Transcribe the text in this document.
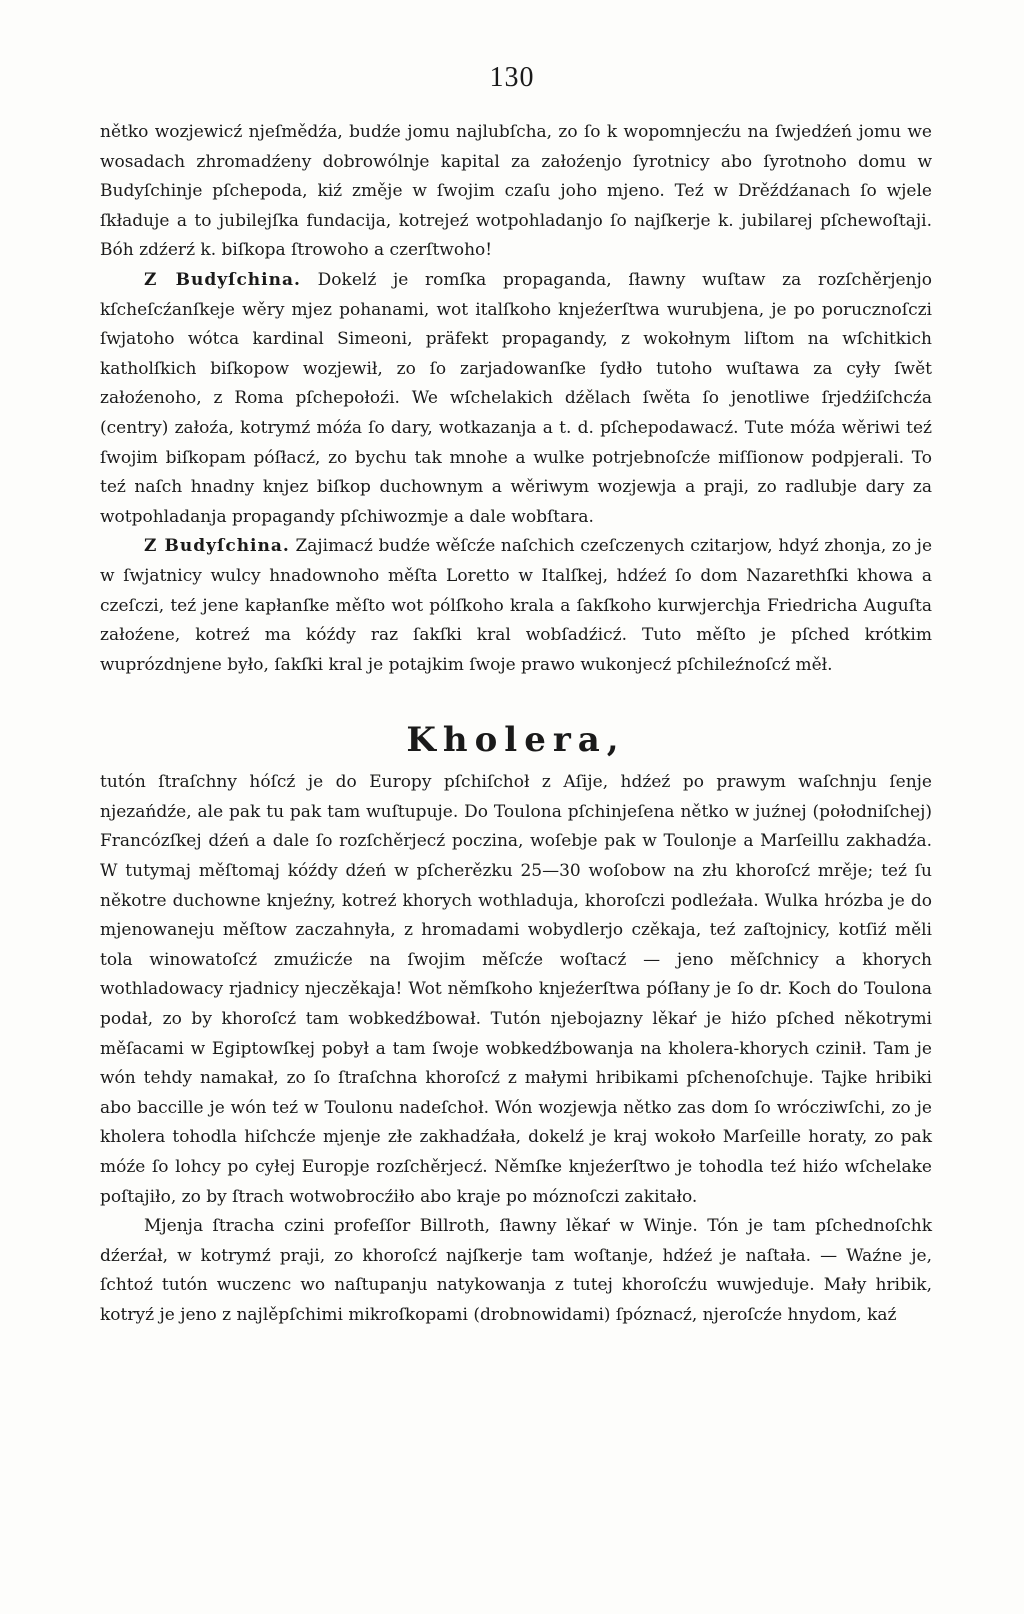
130

nětko wozjewicź njeſmědźa, budźe jomu najlubſcha, zo ſo k wopomnjecźu na ſwjedźeń jomu we wosadach zhromadźeny dobrowólnje kapital za załoźenjo ſyrotnicy abo ſyrotnoho domu w Budyſchinje pſchepoda, kiź změje w ſwojim czaſu joho mjeno. Teź w Drěźdźanach ſo wjele ſkładuje a to jubilejſka fundacija, kotrejeź wotpohladanjo ſo najſkerje k. jubilarej pſchewoſtaji. Bóh zdźerź k. biſkopa ſtrowoho a czerſtwoho!

Z Budyſchina. Dokelź je romſka propaganda, ſławny wuſtaw za rozſchěrjenjo kſcheſcźanſkeje wěry mjez pohanami, wot italſkoho knjeźerſtwa wurubjena, je po porucznoſczi ſwjatoho wótca kardinal Simeoni, präfekt propagandy, z wokołnym liſtom na wſchitkich katholſkich biſkopow wozjewił, zo ſo zarjadowanſke ſydło tutoho wuſtawa za cyły ſwět załoźenoho, z Roma pſchepołoźi. We wſchelakich dźělach ſwěta ſo jenotliwe ſrjedźiſchcźa (centry) załoźa, kotrymź móźa ſo dary, wotkazanja a t. d. pſchepodawacź. Tute móźa wěriwi teź ſwojim biſkopam póſłacź, zo bychu tak mnohe a wulke potrjebnoſcźe miſſionow podpjerali. To teź naſch hnadny knjez biſkop duchownym a wěriwym wozjewja a praji, zo radlubje dary za wotpohladanja propagandy pſchiwozmje a dale wobſtara.

Z Budyſchina. Zajimacź budźe wěſcźe naſchich czeſczenych czitarjow, hdyź zhonja, zo je w ſwjatnicy wulcy hnadownoho měſta Loretto w Italſkej, hdźeź ſo dom Nazarethſki khowa a czeſczi, teź jene kapłanſke měſto wot pólſkoho krala a ſakſkoho kurwjerchja Friedricha Auguſta załoźene, kotreź ma kóźdy raz ſakſki kral wobſadźicź. Tuto měſto je pſched krótkim wuprózdnjene było, ſakſki kral je potajkim ſwoje prawo wukonjecź pſchileźnoſcź měł.

Kholera,

tutón ſtraſchny hóſcź je do Europy pſchiſchoł z Aſije, hdźeź po prawym waſchnju ſenje njezańdźe, ale pak tu pak tam wuſtupuje. Do Toulona pſchinjeſena nětko w juźnej (połodniſchej) Francózſkej dźeń a dale ſo rozſchěrjecź poczina, woſebje pak w Toulonje a Marſeillu zakhadźa. W tutymaj měſtomaj kóźdy dźeń w pſcherězku 25—30 woſobow na złu khoroſcź mrěje; teź ſu někotre duchowne knjeźny, kotreź khorych wothladuja, khoroſczi podleźała. Wulka hrózba je do mjenowaneju měſtow zaczahnyła, z hromadami wobydlerjo czěkaja, teź zaſtojnicy, kotſiź měli tola winowatoſcź zmuźicźe na ſwojim měſcźe woſtacź — jeno měſchnicy a khorych wothladowacy rjadnicy njeczěkaja! Wot němſkoho knjeźerſtwa póſłany je ſo dr. Koch do Toulona podał, zo by khoroſcź tam wobkedźbował. Tutón njebojazny lěkaŕ je hiźo pſched někotrymi měſacami w Egiptowſkej pobył a tam ſwoje wobkedźbowanja na kholera-khorych czinił. Tam je wón tehdy namakał, zo ſo ſtraſchna khoroſcź z małymi hribikami pſchenoſchuje. Tajke hribiki abo baccille je wón teź w Toulonu nadeſchoł. Wón wozjewja nětko zas dom ſo wrócziwſchi, zo je kholera tohodla hiſchcźe mjenje złe zakhadźała, dokelź je kraj wokoło Marſeille horaty, zo pak móźe ſo lohcy po cyłej Europje rozſchěrjecź. Němſke knjeźerſtwo je tohodla teź hiźo wſchelake poſtajiło, zo by ſtrach wotwobrocźiło abo kraje po móznoſczi zakitało.

Mjenja ſtracha czini profeſſor Billroth, ſławny lěkaŕ w Winje. Tón je tam pſchednoſchk dźerźał, w kotrymź praji, zo khoroſcź najſkerje tam woſtanje, hdźeź je naſtała. — Waźne je, ſchtoź tutón wuczenc wo naſtupanju natykowanja z tutej khoroſcźu wuwjeduje. Mały hribik, kotryź je jeno z najlěpſchimi mikroſkopami (drobnowidami) ſpóznacź, njeroſcźe hnydom, kaź
